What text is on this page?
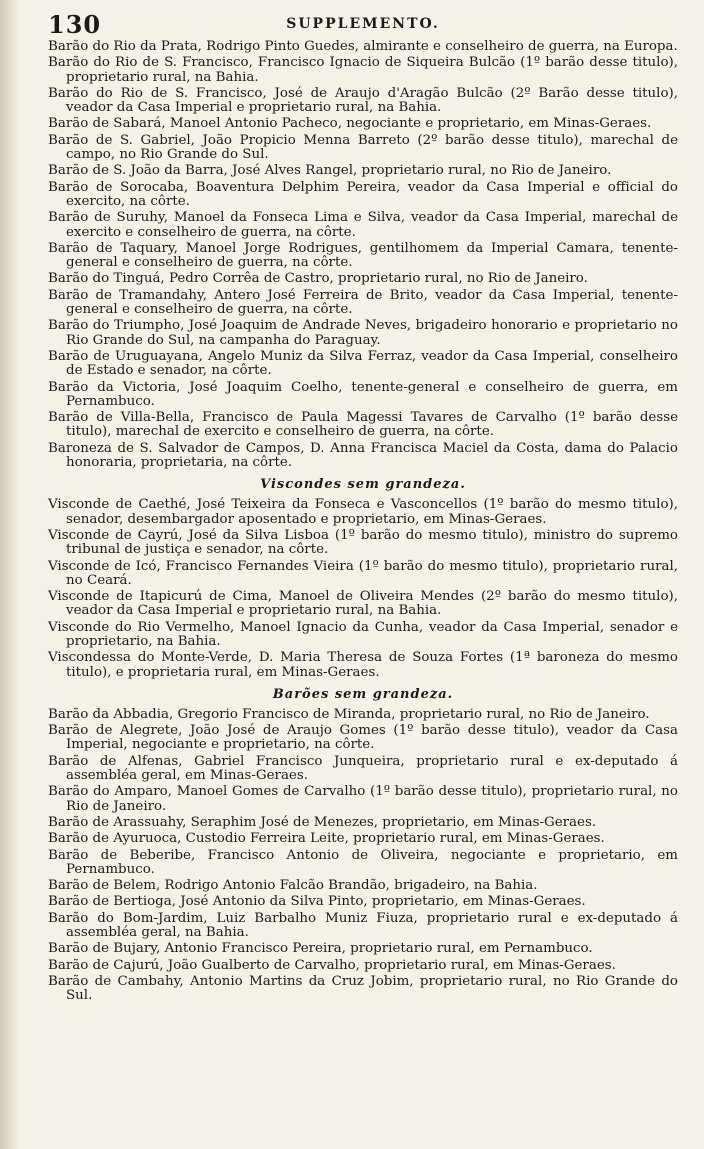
130	SUPPLEMENTO.
Barão do Rio da Prata, Rodrigo Pinto Guedes, almirante e conselheiro de guerra, na Europa.
Barão do Rio de S. Francisco, Francisco Ignacio de Siqueira Bulcão (1º barão desse titulo), proprietario rural, na Bahia.
Barão do Rio de S. Francisco, José de Araujo d'Aragão Bulcão (2º Barão desse titulo), veador da Casa Imperial e proprietario rural, na Bahia.
Barão de Sabará, Manoel Antonio Pacheco, negociante e proprietario, em Minas-Geraes.
Barão de S. Gabriel, João Propicio Menna Barreto (2º barão desse titulo), marechal de campo, no Rio Grande do Sul.
Barão de S. João da Barra, José Alves Rangel, proprietario rural, no Rio de Janeiro.
Barão de Sorocaba, Boaventura Delphim Pereira, veador da Casa Imperial e official do exercito, na côrte.
Barão de Suruhy, Manoel da Fonseca Lima e Silva, veador da Casa Imperial, marechal de exercito e conselheiro de guerra, na côrte.
Barão de Taquary, Manoel Jorge Rodrigues, gentilhomem da Imperial Camara, tenente-general e conselheiro de guerra, na côrte.
Barão do Tinguá, Pedro Corrêa de Castro, proprietario rural, no Rio de Janeiro.
Barão de Tramandahy, Antero José Ferreira de Brito, veador da Casa Imperial, tenente-general e conselheiro de guerra, na côrte.
Barão do Triumpho, José Joaquim de Andrade Neves, brigadeiro honorario e proprietario no Rio Grande do Sul, na campanha do Paraguay.
Barão de Uruguayana, Angelo Muniz da Silva Ferraz, veador da Casa Imperial, conselheiro de Estado e senador, na côrte.
Barão da Victoria, José Joaquim Coelho, tenente-general e conselheiro de guerra, em Pernambuco.
Barão de Villa-Bella, Francisco de Paula Magessi Tavares de Carvalho (1º barão desse titulo), marechal de exercito e conselheiro de guerra, na côrte.
Baroneza de S. Salvador de Campos, D. Anna Francisca Maciel da Costa, dama do Palacio honoraria, proprietaria, na côrte.
Viscondes sem grandeza.
Visconde de Caethé, José Teixeira da Fonseca e Vasconcellos (1º barão do mesmo titulo), senador, desembargador aposentado e proprietario, em Minas-Geraes.
Visconde de Cayrú, José da Silva Lisboa (1º barão do mesmo titulo), ministro do supremo tribunal de justiça e senador, na côrte.
Visconde de Icó, Francisco Fernandes Vieira (1º barão do mesmo titulo), proprietario rural, no Ceará.
Visconde de Itapicurú de Cima, Manoel de Oliveira Mendes (2º barão do mesmo titulo), veador da Casa Imperial e proprietario rural, na Bahia.
Visconde do Rio Vermelho, Manoel Ignacio da Cunha, veador da Casa Imperial, senador e proprietario, na Bahia.
Viscondessa do Monte-Verde, D. Maria Theresa de Souza Fortes (1ª baroneza do mesmo titulo), e proprietaria rural, em Minas-Geraes.
Barões sem grandeza.
Barão da Abbadia, Gregorio Francisco de Miranda, proprietario rural, no Rio de Janeiro.
Barão de Alegrete, João José de Araujo Gomes (1º barão desse titulo), veador da Casa Imperial, negociante e proprietario, na côrte.
Barão de Alfenas, Gabriel Francisco Junqueira, proprietario rural e ex-deputado á assembléa geral, em Minas-Geraes.
Barão do Amparo, Manoel Gomes de Carvalho (1º barão desse titulo), proprietario rural, no Rio de Janeiro.
Barão de Arassuahy, Seraphim José de Menezes, proprietario, em Minas-Geraes.
Barão de Ayuruoca, Custodio Ferreira Leite, proprietario rural, em Minas-Geraes.
Barão de Beberibe, Francisco Antonio de Oliveira, negociante e proprietario, em Pernambuco.
Barão de Belem, Rodrigo Antonio Falcão Brandão, brigadeiro, na Bahia.
Barão de Bertioga, José Antonio da Silva Pinto, proprietario, em Minas-Geraes.
Barão do Bom-Jardim, Luiz Barbalho Muniz Fiuza, proprietario rural e ex-deputado á assembléa geral, na Bahia.
Barão de Bujary, Antonio Francisco Pereira, proprietario rural, em Pernambuco.
Barão de Cajurú, João Gualberto de Carvalho, proprietario rural, em Minas-Geraes.
Barão de Cambahy, Antonio Martins da Cruz Jobim, proprietario rural, no Rio Grande do Sul.
